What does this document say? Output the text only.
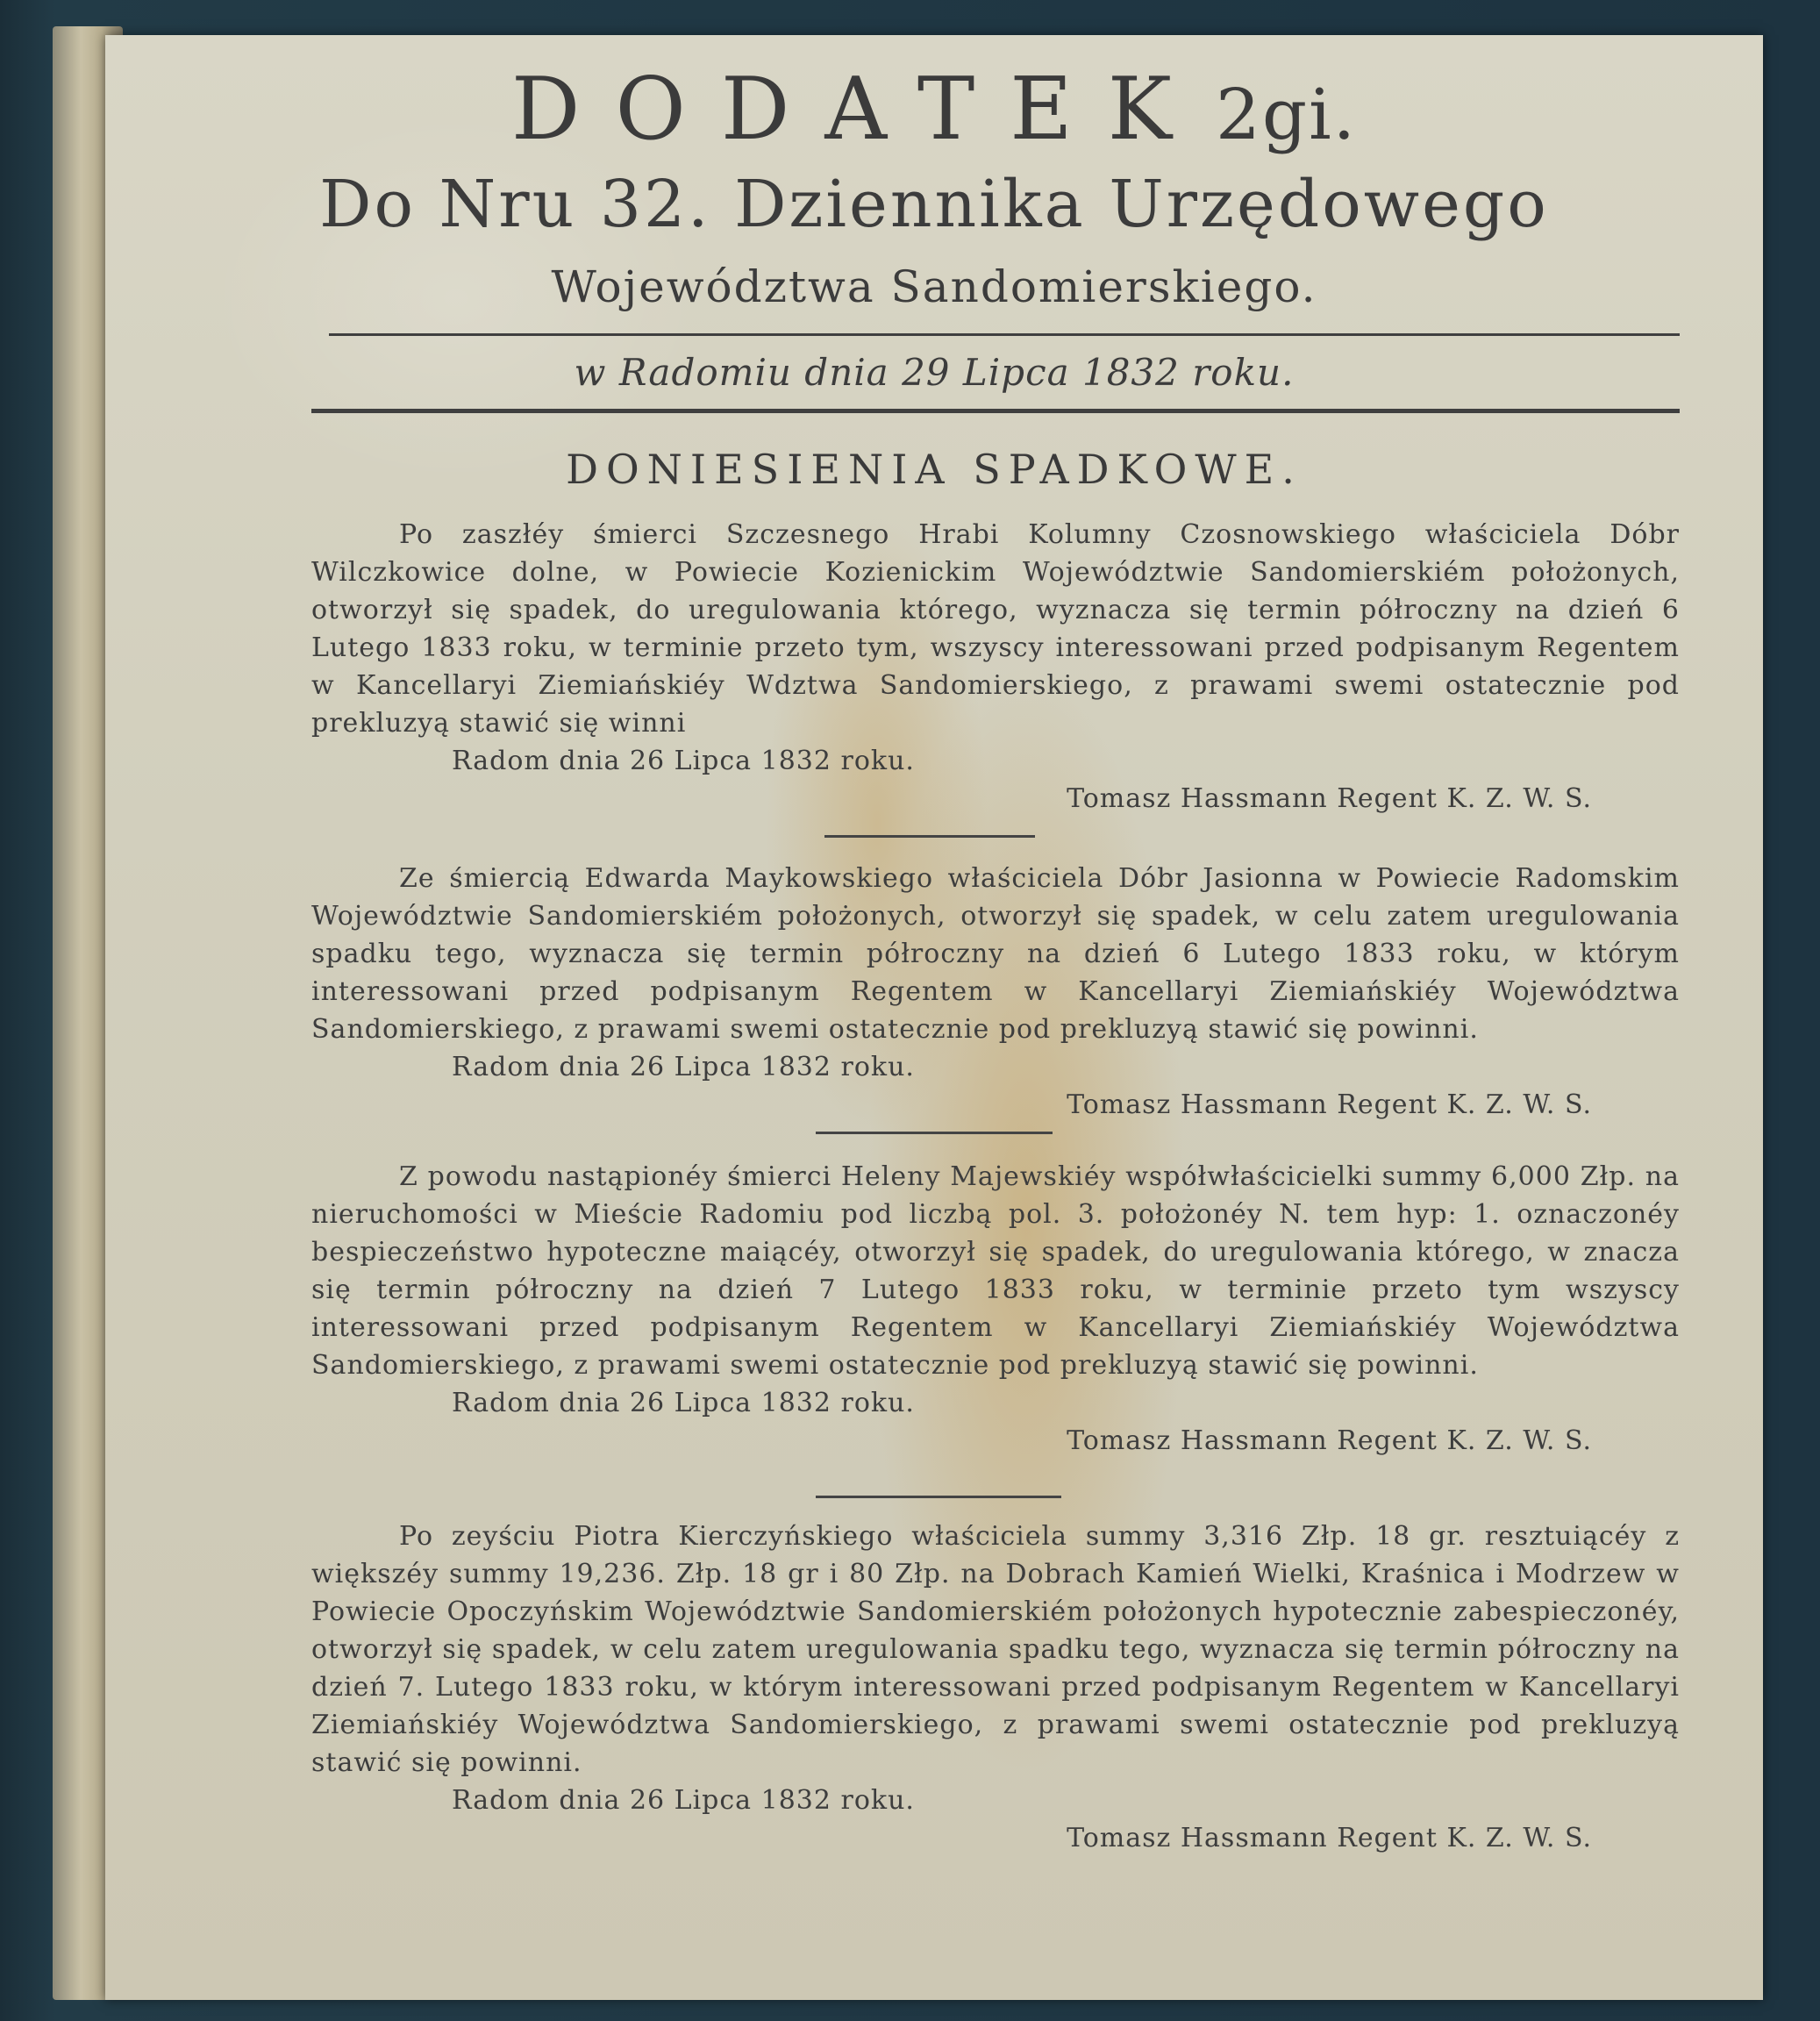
DODATEK 2gi.
Do Nru 32. Dziennika Urzędowego
Województwa Sandomierskiego.
w Radomiu dnia 29 Lipca 1832 roku.
DONIESIENIA SPADKOWE.

Po zaszłéy śmierci Szczesnego Hrabi Kolumny Czosnowskiego właściciela Dóbr Wilczkowice dolne, w Powiecie Kozienickim Województwie Sandomierskiém położonych, otworzył się spadek, do uregulowania którego, wyznacza się termin półroczny na dzień 6 Lutego 1833 roku, w terminie przeto tym, wszyscy interessowani przed podpisanym Regentem w Kancellaryi Ziemiańskiéy Wdztwa Sandomierskiego, z prawami swemi ostatecznie pod prekluzyą stawić się winni

Radom dnia 26 Lipca 1832 roku.

Tomasz Hassmann Regent K. Z. W. S.

Ze śmiercią Edwarda Maykowskiego właściciela Dóbr Jasionna w Powiecie Radomskim Województwie Sandomierskiém położonych, otworzył się spadek, w celu zatem uregulowania spadku tego, wyznacza się termin półroczny na dzień 6 Lutego 1833 roku, w którym interessowani przed podpisanym Regentem w Kancellaryi Ziemiańskiéy Województwa Sandomierskiego, z prawami swemi ostatecznie pod prekluzyą stawić się powinni.

Radom dnia 26 Lipca 1832 roku.

Tomasz Hassmann Regent K. Z. W. S.

Z powodu nastąpionéy śmierci Heleny Majewskiéy współwłaścicielki summy 6,000 Złp. na nieruchomości w Mieście Radomiu pod liczbą pol. 3. położonéy N. tem hyp: 1. oznaczonéy bespieczeństwo hypoteczne maiącéy, otworzył się spadek, do uregulowania którego, w znacza się termin półroczny na dzień 7 Lutego 1833 roku, w terminie przeto tym wszyscy interessowani przed podpisanym Regentem w Kancellaryi Ziemiańskiéy Województwa Sandomierskiego, z prawami swemi ostatecznie pod prekluzyą stawić się powinni.

Radom dnia 26 Lipca 1832 roku.

Tomasz Hassmann Regent K. Z. W. S.

Po zeyściu Piotra Kierczyńskiego właściciela summy 3,316 Złp. 18 gr. resztuiącéy z większéy summy 19,236. Złp. 18 gr i 80 Złp. na Dobrach Kamień Wielki, Kraśnica i Modrzew w Powiecie Opoczyńskim Województwie Sandomierskiém położonych hypotecznie zabespieczonéy, otworzył się spadek, w celu zatem uregulowania spadku tego, wyznacza się termin półroczny na dzień 7. Lutego 1833 roku, w którym interessowani przed podpisanym Regentem w Kancellaryi Ziemiańskiéy Województwa Sandomierskiego, z prawami swemi ostatecznie pod prekluzyą stawić się powinni.

Radom dnia 26 Lipca 1832 roku.

Tomasz Hassmann Regent K. Z. W. S.
